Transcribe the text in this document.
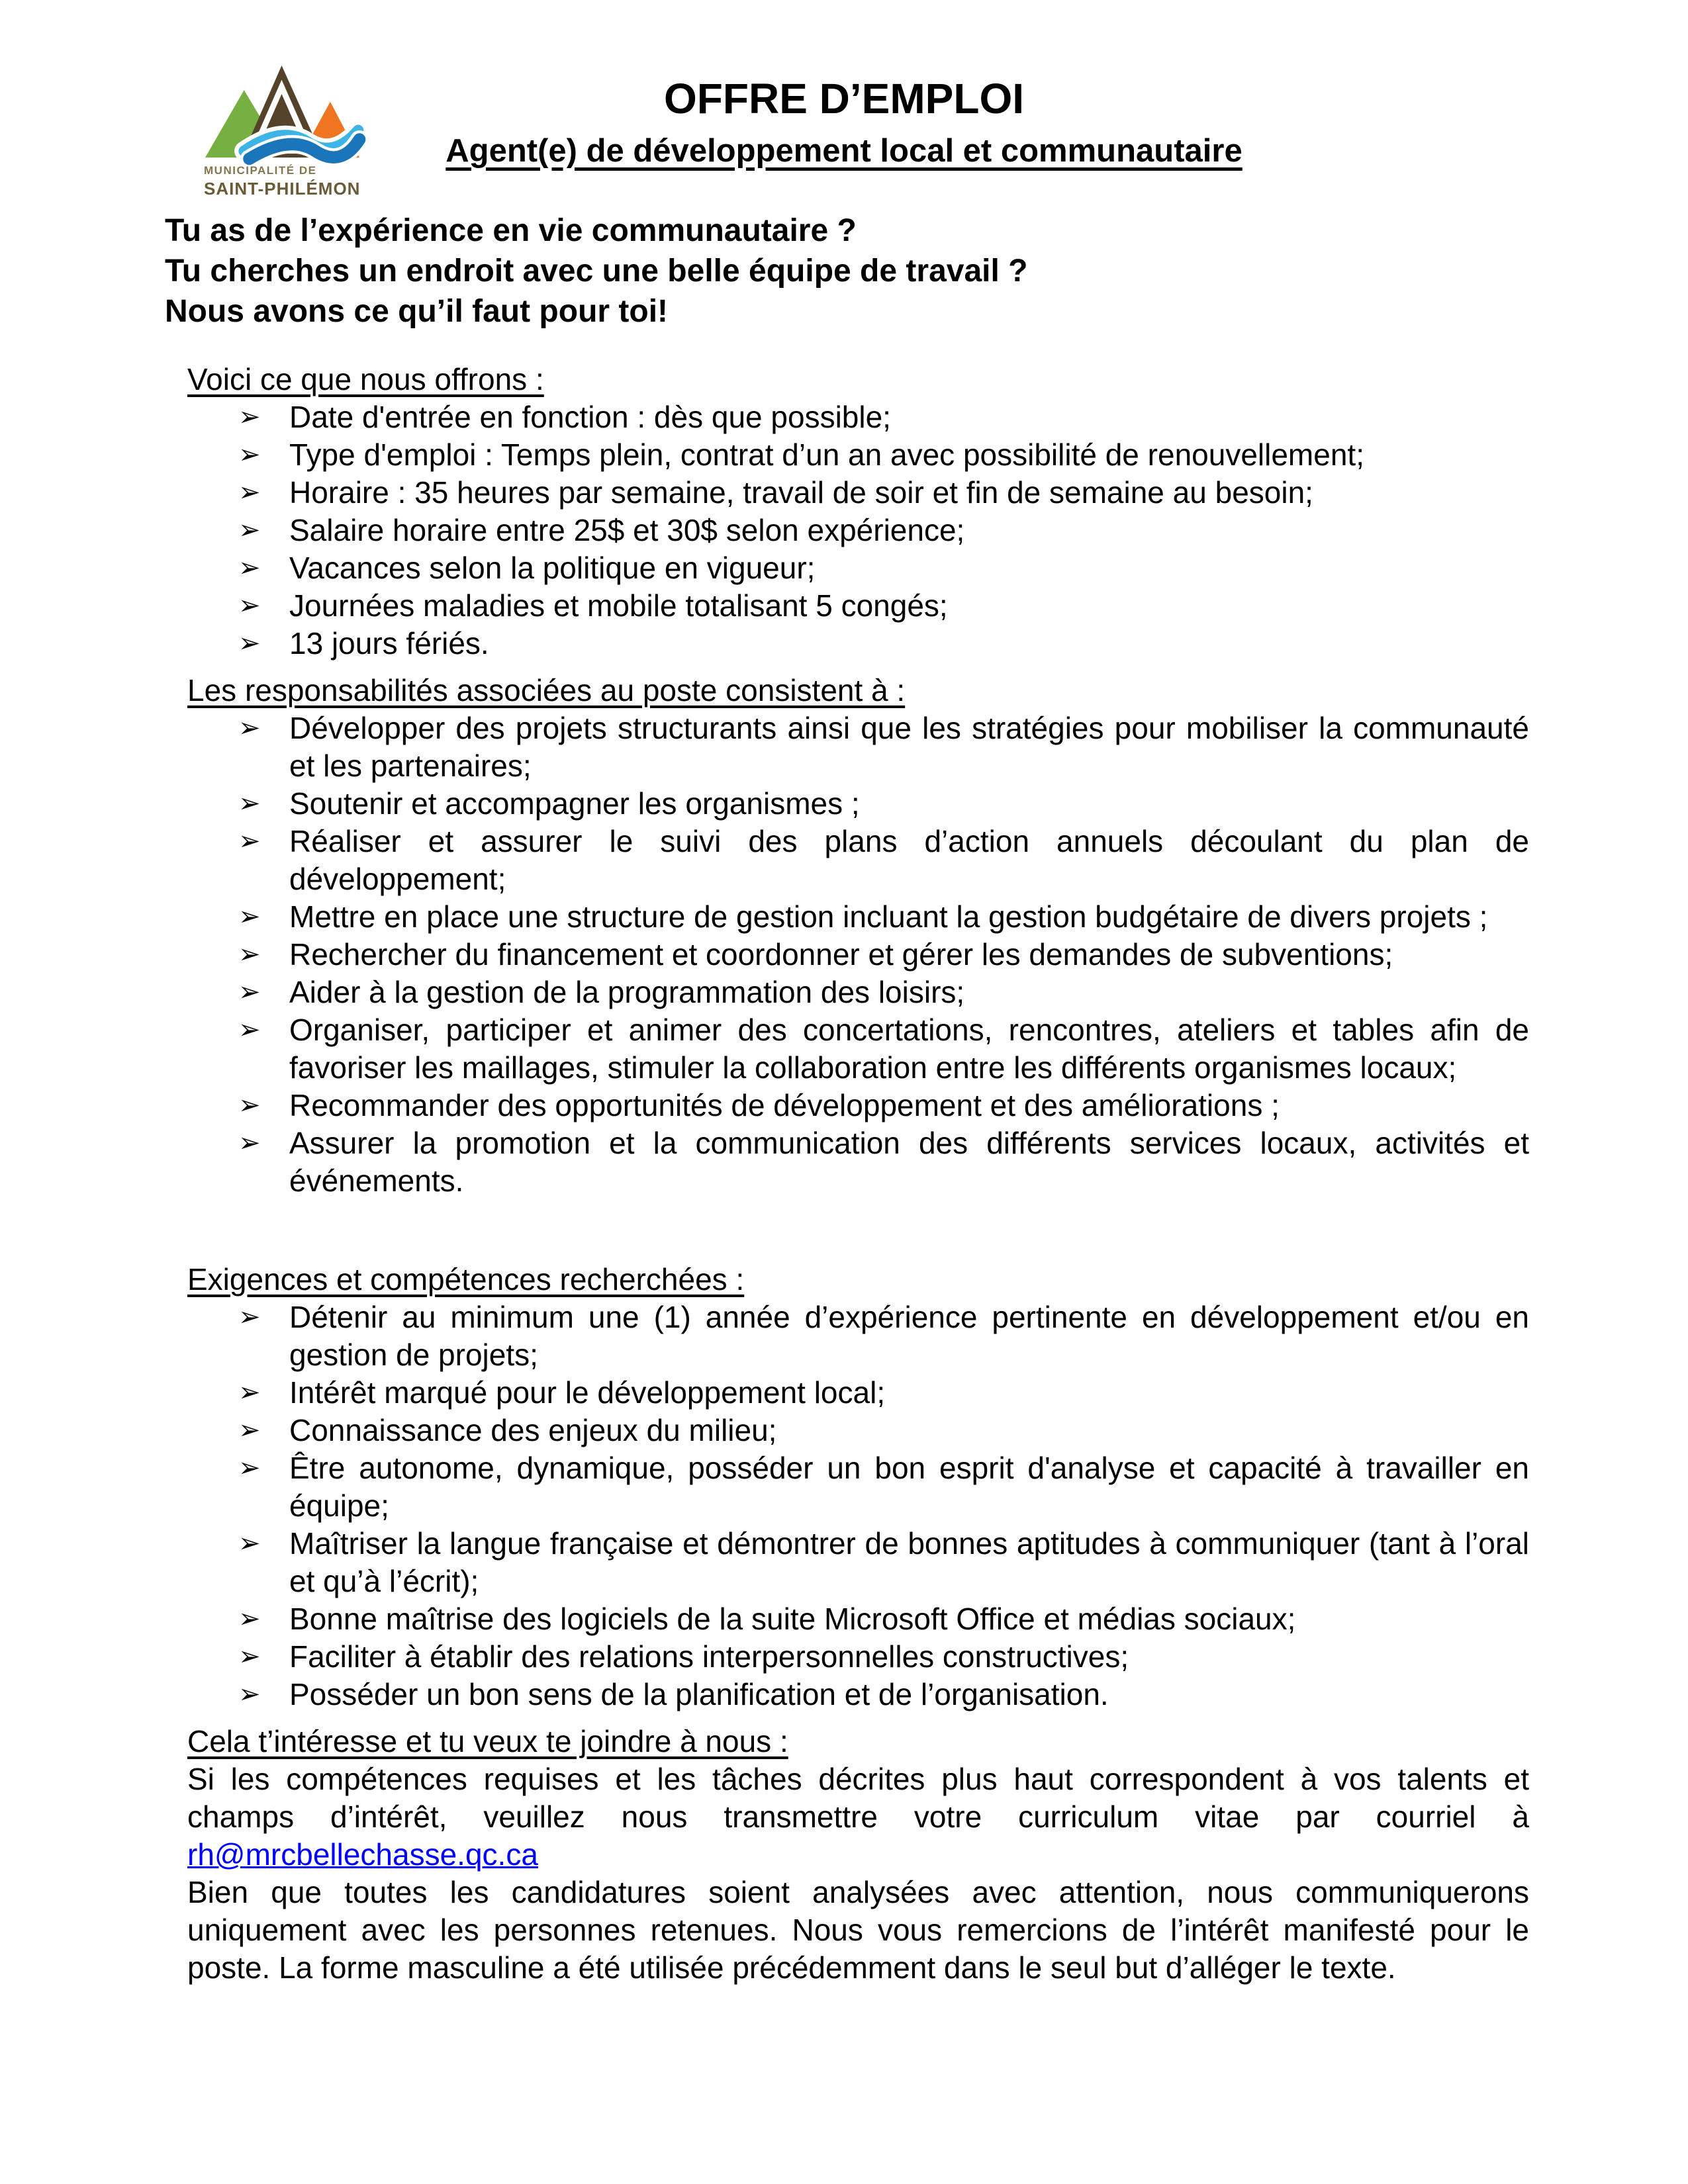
MUNICIPALITÉ DE
SAINT-PHILÉMON
OFFRE D’EMPLOI
Agent(e) de développement local et communautaire
Tu as de l’expérience en vie communautaire ?
Tu cherches un endroit avec une belle équipe de travail ?
Nous avons ce qu’il faut pour toi!
Voici ce que nous offrons :
➢ Date d'entrée en fonction : dès que possible;
➢ Type d'emploi : Temps plein, contrat d’un an avec possibilité de renouvellement;
➢ Horaire : 35 heures par semaine, travail de soir et fin de semaine au besoin;
➢ Salaire horaire entre 25$ et 30$ selon expérience;
➢ Vacances selon la politique en vigueur;
➢ Journées maladies et mobile totalisant 5 congés;
➢ 13 jours fériés.
Les responsabilités associées au poste consistent à :
➢ Développer des projets structurants ainsi que les stratégies pour mobiliser la communauté et les partenaires;
➢ Soutenir et accompagner les organismes ;
➢ Réaliser et assurer le suivi des plans d’action annuels découlant du plan de développement;
➢ Mettre en place une structure de gestion incluant la gestion budgétaire de divers projets ;
➢ Rechercher du financement et coordonner et gérer les demandes de subventions;
➢ Aider à la gestion de la programmation des loisirs;
➢ Organiser, participer et animer des concertations, rencontres, ateliers et tables afin de favoriser les maillages, stimuler la collaboration entre les différents organismes locaux;
➢ Recommander des opportunités de développement et des améliorations ;
➢ Assurer la promotion et la communication des différents services locaux, activités et événements.
Exigences et compétences recherchées :
➢ Détenir au minimum une (1) année d’expérience pertinente en développement et/ou en gestion de projets;
➢ Intérêt marqué pour le développement local;
➢ Connaissance des enjeux du milieu;
➢ Être autonome, dynamique, posséder un bon esprit d'analyse et capacité à travailler en équipe;
➢ Maîtriser la langue française et démontrer de bonnes aptitudes à communiquer (tant à l’oral et qu’à l’écrit);
➢ Bonne maîtrise des logiciels de la suite Microsoft Office et médias sociaux;
➢ Faciliter à établir des relations interpersonnelles constructives;
➢ Posséder un bon sens de la planification et de l’organisation.
Cela t’intéresse et tu veux te joindre à nous :

Si les compétences requises et les tâches décrites plus haut correspondent à vos talents et champs d’intérêt, veuillez nous transmettre votre curriculum vitae par courriel à rh@mrcbellechasse.qc.ca

Bien que toutes les candidatures soient analysées avec attention, nous communiquerons uniquement avec les personnes retenues. Nous vous remercions de l’intérêt manifesté pour le poste. La forme masculine a été utilisée précédemment dans le seul but d’alléger le texte.
